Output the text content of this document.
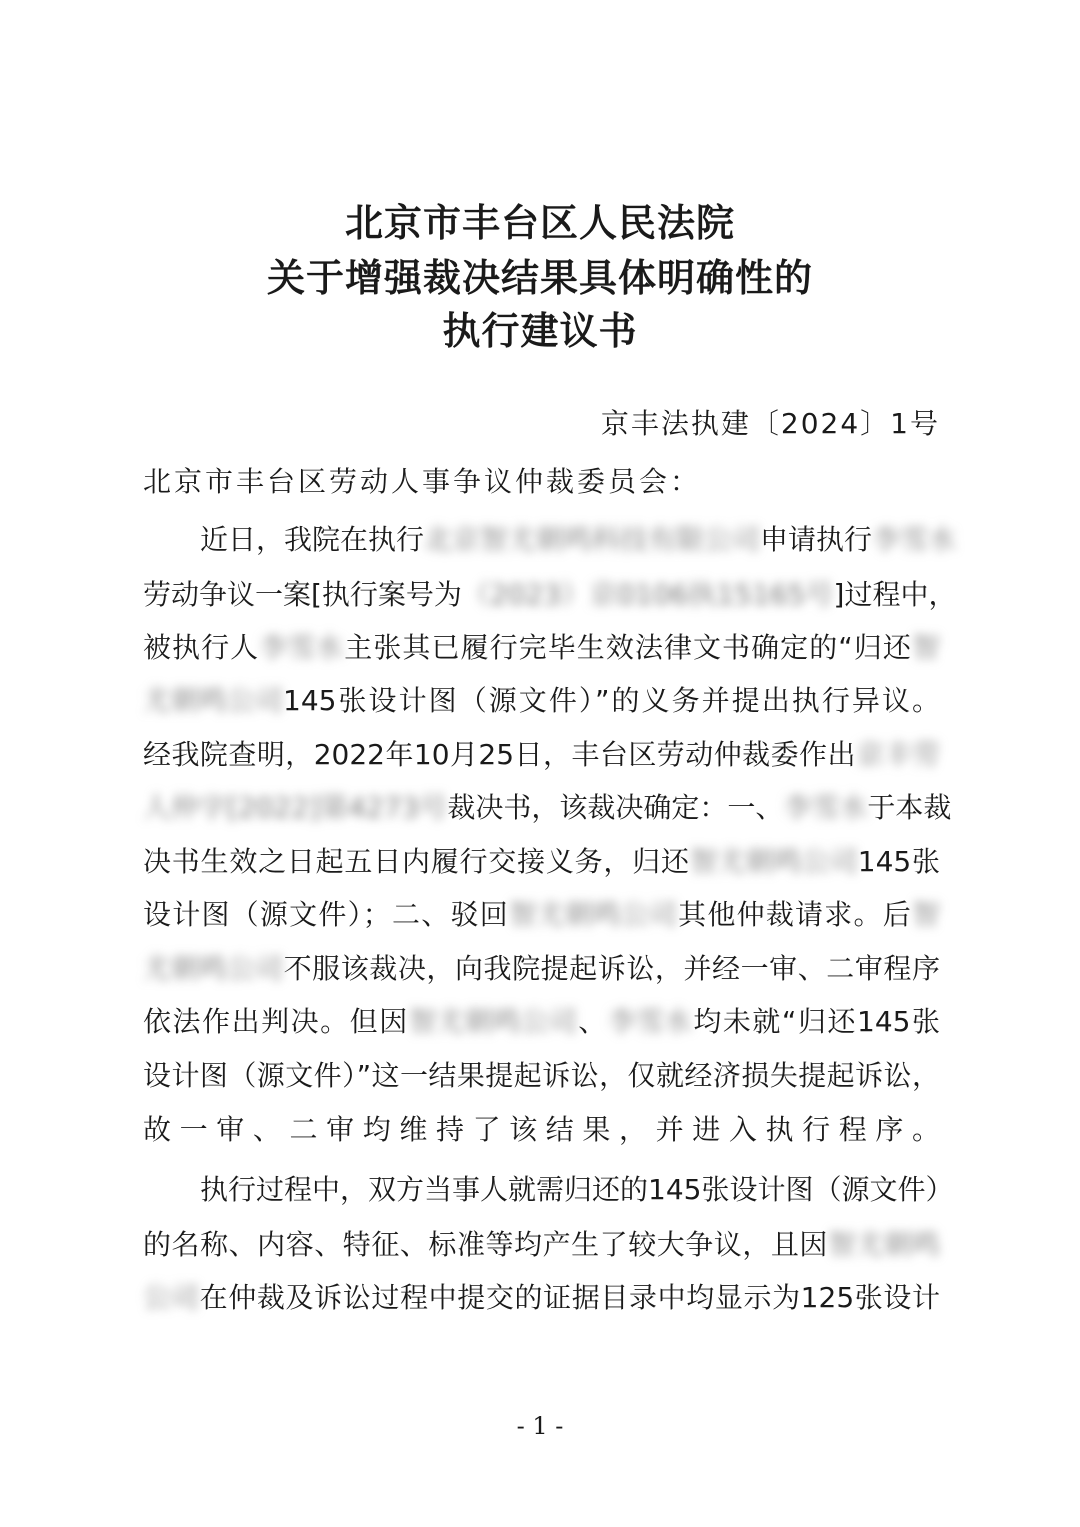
北京市丰台区人民法院
关于增强裁决结果具体明确性的
执行建议书
京丰法执建〔2024〕1号
北京市丰台区劳动人事争议仲裁委员会：
近日，我院在执行北京智尤朝鸣科技有限公司申请执行李雪水
劳动争议一案[执行案号为（2023）京0106执15165号]过程中，
被执行人李雪水主张其已履行完毕生效法律文书确定的“归还智
尤朝鸣公司145张设计图（源文件）”的义务并提出执行异议。
经我院查明，2022年10月25日，丰台区劳动仲裁委作出京丰劳
人仲字[2022]第4273号裁决书，该裁决确定：一、李雪水于本裁
决书生效之日起五日内履行交接义务，归还智尤朝鸣公司145张
设计图（源文件）；二、驳回智尤朝鸣公司其他仲裁请求。后智
尤朝鸣公司不服该裁决，向我院提起诉讼，并经一审、二审程序
依法作出判决。但因智尤朝鸣公司、李雪水均未就“归还145张
设计图（源文件）”这一结果提起诉讼，仅就经济损失提起诉讼，
故一审、二审均维持了该结果，并进入执行程序。
执行过程中，双方当事人就需归还的145张设计图（源文件）
的名称、内容、特征、标准等均产生了较大争议，且因智尤朝鸣
公司在仲裁及诉讼过程中提交的证据目录中均显示为125张设计
- 1 -
